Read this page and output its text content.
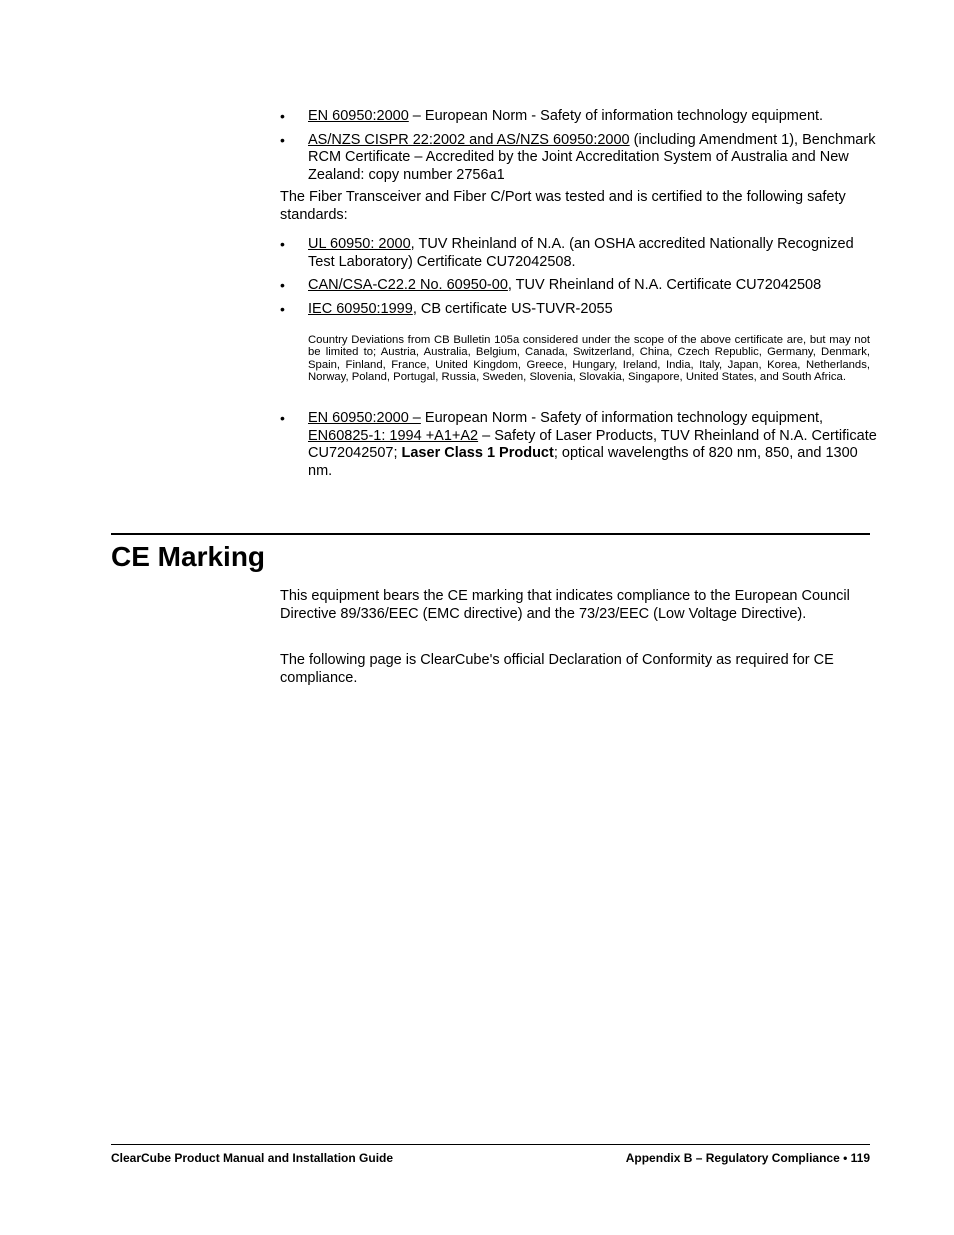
• EN 60950:2000 – European Norm - Safety of information technology equipment.
• AS/NZS CISPR 22:2002 and AS/NZS 60950:2000 (including Amendment 1), Benchmark RCM Certificate – Accredited by the Joint Accreditation System of Australia and New Zealand: copy number 2756a1

The Fiber Transceiver and Fiber C/Port was tested and is certified to the following safety standards:

• UL 60950: 2000, TUV Rheinland of N.A. (an OSHA accredited Nationally Recognized Test Laboratory) Certificate CU72042508.
• CAN/CSA-C22.2 No. 60950-00, TUV Rheinland of N.A. Certificate CU72042508
• IEC 60950:1999, CB certificate US-TUVR-2055

Country Deviations from CB Bulletin 105a considered under the scope of the above certificate are, but may not be limited to; Austria, Australia, Belgium, Canada, Switzerland, China, Czech Republic, Germany, Denmark, Spain, Finland, France, United Kingdom, Greece, Hungary, Ireland, India, Italy, Japan, Korea, Netherlands, Norway, Poland, Portugal, Russia, Sweden, Slovenia, Slovakia, Singapore, United States, and South Africa.

• EN 60950:2000 – European Norm - Safety of information technology equipment, EN60825-1: 1994 +A1+A2 – Safety of Laser Products, TUV Rheinland of N.A. Certificate CU72042507; Laser Class 1 Product; optical wavelengths of 820 nm, 850, and 1300 nm.
CE Marking

This equipment bears the CE marking that indicates compliance to the European Council Directive 89/336/EEC (EMC directive) and the 73/23/EEC (Low Voltage Directive).

The following page is ClearCube's official Declaration of Conformity as required for CE compliance.

ClearCube Product Manual and Installation Guide	Appendix B – Regulatory Compliance • 119
